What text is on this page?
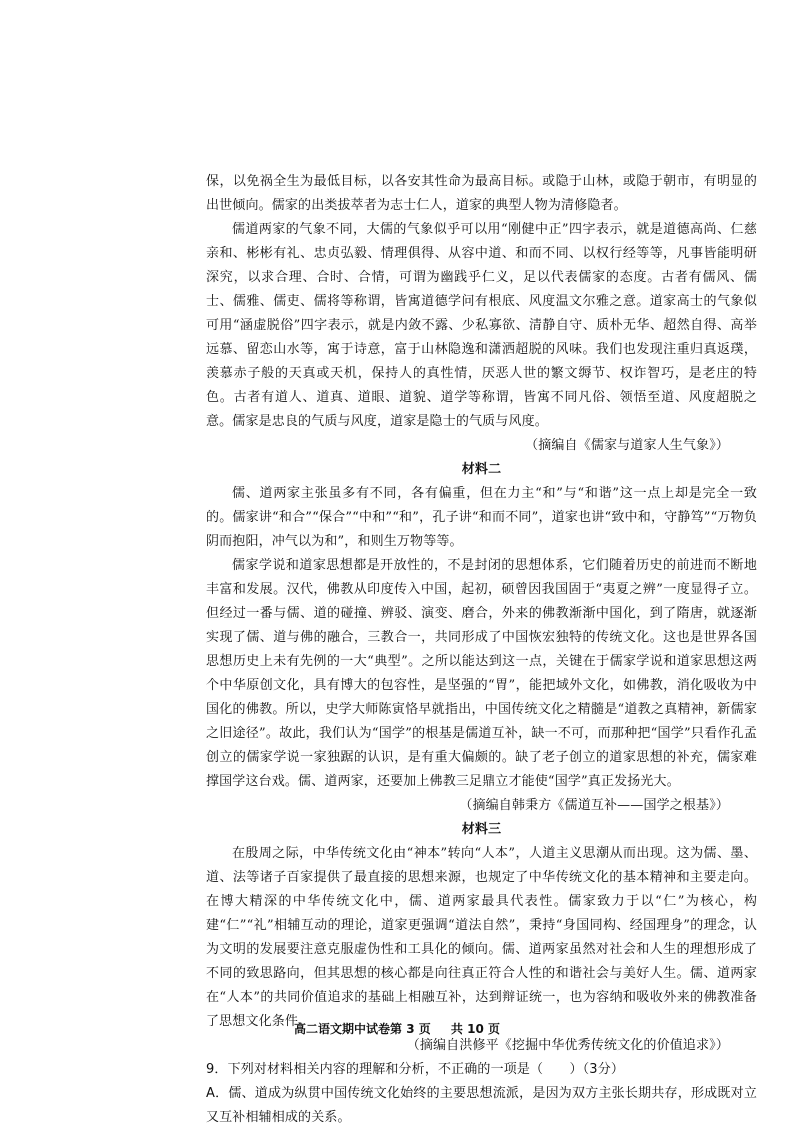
保，以免祸全生为最低目标，以各安其性命为最高目标。或隐于山林，或隐于朝市，有明显的出世倾向。儒家的出类拔萃者为志士仁人，道家的典型人物为清修隐者。

儒道两家的气象不同，大儒的气象似乎可以用“刚健中正”四字表示，就是道德高尚、仁慈亲和、彬彬有礼、忠贞弘毅、情理俱得、从容中道、和而不同、以权行经等等，凡事皆能明研深究，以求合理、合时、合情，可谓为幽践乎仁义，足以代表儒家的态度。古者有儒风、儒士、儒雅、儒吏、儒将等称谓，皆寓道德学问有根底、风度温文尔雅之意。道家高士的气象似可用“涵虚脱俗”四字表示，就是内敛不露、少私寡欲、清静自守、质朴无华、超然自得、高举远慕、留恋山水等，寓于诗意，富于山林隐逸和潇洒超脱的风味。我们也发现注重归真返璞，羡慕赤子般的天真或天机，保持人的真性情，厌恶人世的繁文缛节、权诈智巧，是老庄的特色。古者有道人、道真、道眼、道貌、道学等称谓，皆寓不同凡俗、领悟至道、风度超脱之意。儒家是忠良的气质与风度，道家是隐士的气质与风度。

（摘编自《儒家与道家人生气象》）

材料二

儒、道两家主张虽多有不同，各有偏重，但在力主“和”与“和谐”这一点上却是完全一致的。儒家讲“和合”“保合”“中和”“和”，孔子讲“和而不同”，道家也讲“致中和，守静笃”“万物负阴而抱阳，冲气以为和”，和则生万物等等。

儒家学说和道家思想都是开放性的，不是封闭的思想体系，它们随着历史的前进而不断地丰富和发展。汉代，佛教从印度传入中国，起初，硕曾因我国固于“夷夏之辨”一度显得孑立。但经过一番与儒、道的碰撞、辨驳、演变、磨合，外来的佛教渐渐中国化，到了隋唐，就逐渐实现了儒、道与佛的融合，三教合一，共同形成了中国恢宏独特的传统文化。这也是世界各国思想历史上未有先例的一大“典型”。之所以能达到这一点，关键在于儒家学说和道家思想这两个中华原创文化，具有博大的包容性，是坚强的“胃”，能把域外文化，如佛教，消化吸收为中国化的佛教。所以，史学大师陈寅恪早就指出，中国传统文化之精髓是“道教之真精神，新儒家之旧途径”。故此，我们认为“国学”的根基是儒道互补，缺一不可，而那种把“国学”只看作孔孟创立的儒家学说一家独踞的认识，是有重大偏颇的。缺了老子创立的道家思想的补充，儒家难撑国学这台戏。儒、道两家，还要加上佛教三足鼎立才能使“国学”真正发扬光大。

（摘编自韩秉方《儒道互补——国学之根基》）

材料三

在殷周之际，中华传统文化由“神本”转向“人本”，人道主义思潮从而出现。这为儒、墨、道、法等诸子百家提供了最直接的思想来源，也规定了中华传统文化的基本精神和主要走向。在博大精深的中华传统文化中，儒、道两家最具代表性。儒家致力于以“仁”为核心，构建“仁”“礼”相辅互动的理论，道家更强调“道法自然”，秉持“身国同构、经国理身”的理念，认为文明的发展要注意克服虚伪性和工具化的倾向。儒、道两家虽然对社会和人生的理想形成了不同的致思路向，但其思想的核心都是向往真正符合人性的和谐社会与美好人生。儒、道两家在“人本”的共同价值追求的基础上相融互补，达到辩证统一，也为容纳和吸收外来的佛教准备了思想文化条件。

（摘编自洪修平《挖掘中华优秀传统文化的价值追求》）

9．下列对材料相关内容的理解和分析，不正确的一项是（　　）（3分）

A．儒、道成为纵贯中国传统文化始终的主要思想流派，是因为双方主张长期共存，形成既对立又互补相辅相成的关系。

高二语文期中试卷第 3 页 共 10 页
